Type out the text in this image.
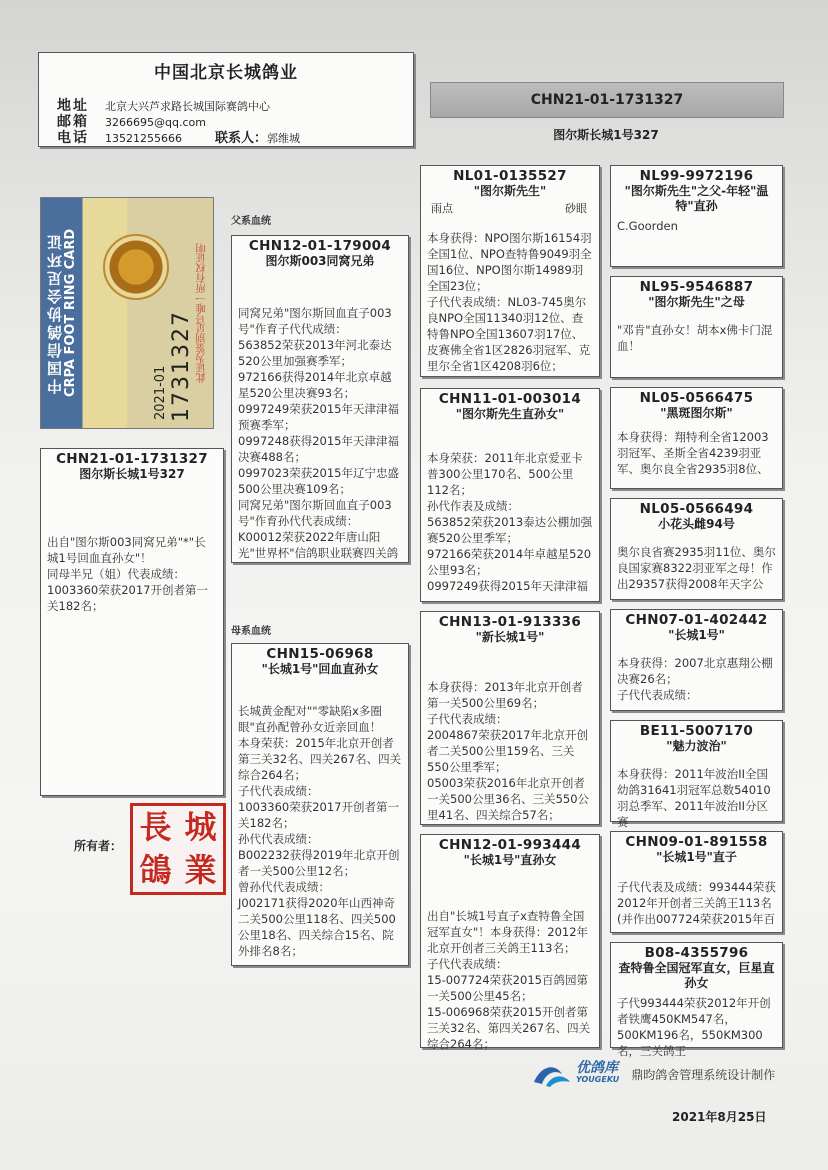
中国北京长城鸽业
地址	北京大兴芦求路长城国际赛鸽中心
邮箱	3266695@qq.com
电话	13521255666	联系人： 郭维城
CHN21-01-1731327
图尔斯长城1号327
中国信鸽协会足环证 CRPA FOOT RING CARD	2021-01 1731327 此证为鉴别足号唯一所有权证明
父系血统
母系血统
所有者： 長 城
鴿 業
CHN21-01-1731327
图尔斯长城1号327
出自"图尔斯003同窝兄弟"*"长城1号回血直孙女"！
同母半兄（姐）代表成绩：
1003360荣获2017开创者第一关182名；
CHN12-01-179004
图尔斯003同窝兄弟
同窝兄弟"图尔斯回血直子003号"作育子代代成绩：
563852荣获2013年河北泰达520公里加强赛季军；
972166获得2014年北京卓越星520公里决赛93名；
0997249荣获2015年天津津福预赛季军；
0997248获得2015年天津津福决赛488名；
0997023荣获2015年辽宁忠盛500公里决赛109名；
同窝兄弟"图尔斯回血直子003号"作育孙代代表成绩：
K00012荣获2022年唐山阳光"世界杯"信鸽职业联赛四关鸽
CHN15-06968
"长城1号"回血直孙女
长城黄金配对""零缺陷x多圈眼"直孙配曾孙女近亲回血！
本身荣获：2015年北京开创者第三关32名、四关267名、四关综合264名；
子代代表成绩：
1003360荣获2017开创者第一关182名；
孙代代表成绩：
B002232获得2019年北京开创者一关500公里12名；
曾孙代代表成绩：
J002171获得2020年山西神奇二关500公里118名、四关500公里18名、四关综合15名、院外排名8名；
NL01-0135527
"图尔斯先生"
雨点	砂眼
本身获得：NPO图尔斯16154羽全国1位、NPO查特鲁9049羽全国16位、NPO图尔斯14989羽全国23位；
子代代表成绩：NL03-745奥尔良NPO全国11340羽12位、查特鲁NPO全国13607羽17位、皮赛佛全省1区2826羽冠军、克里尔全省1区4208羽6位；
CHN11-01-003014
"图尔斯先生直孙女"
本身荣获：2011年北京爱亚卡普300公里170名、500公里112名；
孙代作表及成绩：
563852荣获2013泰达公棚加强赛520公里季军；
972166荣获2014年卓越星520公里93名；
0997249获得2015年天津津福
CHN13-01-913336
"新长城1号"
本身获得：2013年北京开创者第一关500公里69名；
子代代表成绩：
2004867荣获2017年北京开创者二关500公里159名、三关550公里季军；
05003荣获2016年北京开创者一关500公里36名、三关550公里41名、四关综合57名；
CHN12-01-993444
"长城1号"直孙女
出自"长城1号直子x查特鲁全国冠军直女"！本身获得：2012年北京开创者三关鸽王113名；
子代代表成绩：
15-007724荣获2015百鸽园第一关500公里45名；
15-006968荣获2015开创者第三关32名、第四关267名、四关综合264名；
NL99-9972196
"图尔斯先生"之父-年轻"温特"直孙
C.Goorden
NL95-9546887
"图尔斯先生"之母
"邓肯"直孙女！胡本x佛卡门混血！
NL05-0566475
"黑斑图尔斯"
本身获得：翔特利全省12003羽冠军、圣斯全省4239羽亚军、奥尔良全省2935羽8位、
NL05-0566494
小花头雌94号
奥尔良省赛2935羽11位、奥尔良国家赛8322羽亚军之母！作出29357获得2008年天字公
CHN07-01-402442
"长城1号"
本身获得：2007北京惠翔公棚决赛26名；
子代代表成绩：
BE11-5007170
"魅力波治"
本身获得：2011年波治II全国幼鸽31641羽冠军总数54010羽总季军、2011年波治II分区赛
CHN09-01-891558
"长城1号"直子
子代代表及成绩：993444荣获2012年开创者三关鸽王113名(并作出007724荣获2015年百
B08-4355796
查特鲁全国冠军直女，巨星直孙女
子代993444荣获2012年开创者铁鹰450KM547名，500KM196名，550KM300名，三关鸽王
优鸽库
YOUGEKU 鼎昀鸽舍管理系统设计制作
2021年8月25日
